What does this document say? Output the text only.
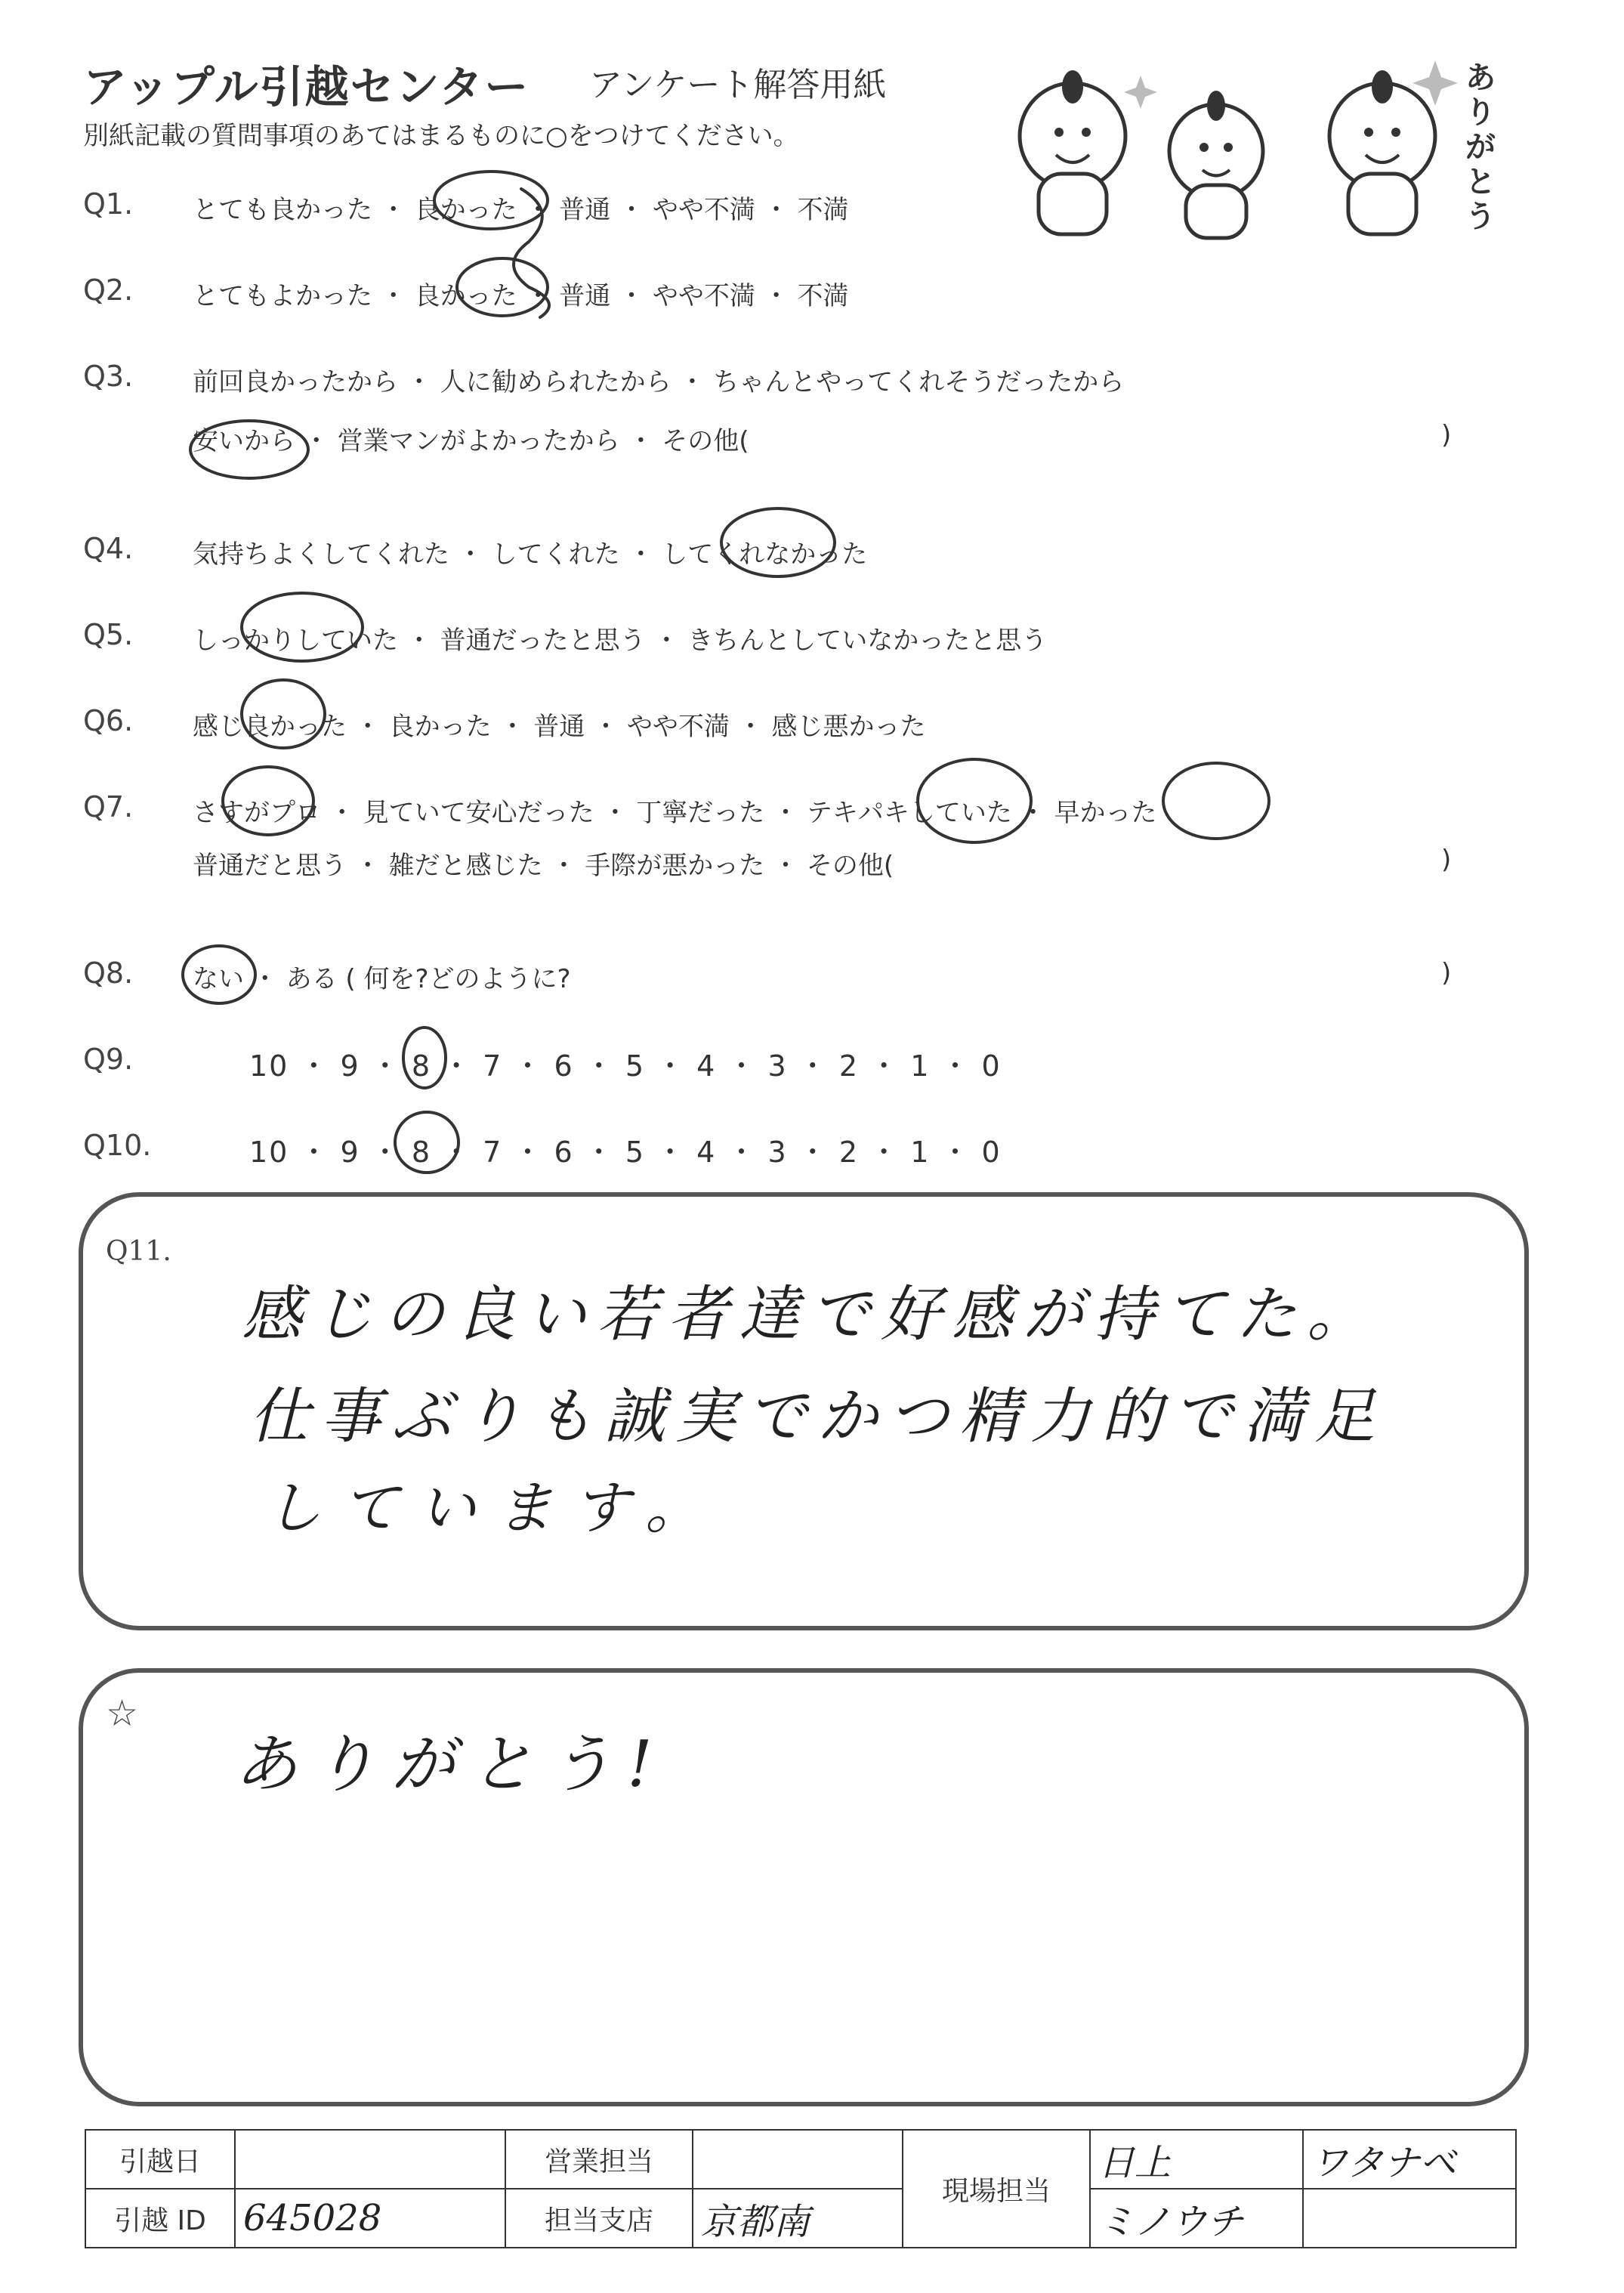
アップル引越センター アンケート解答用紙
別紙記載の質問事項のあてはまるものに○をつけてください。
ありがとう
Q1. とても良かった ・ 良かった ・ 普通 ・ やや不満 ・ 不満
Q2. とてもよかった ・ 良かった ・ 普通 ・ やや不満 ・ 不満
Q3. 前回良かったから ・ 人に勧められたから ・ ちゃんとやってくれそうだったから
安いから ・ 営業マンがよかったから ・ その他(	)
Q4. 気持ちよくしてくれた ・ してくれた ・ してくれなかった
Q5. しっかりしていた ・ 普通だったと思う ・ きちんとしていなかったと思う
Q6. 感じ良かった ・ 良かった ・ 普通 ・ やや不満 ・ 感じ悪かった
Q7. さすがプロ ・ 見ていて安心だった ・ 丁寧だった ・ テキパキしていた ・ 早かった
普通だと思う ・ 雑だと感じた ・ 手際が悪かった ・ その他(	)
Q8. ない ・ ある ( 何を?どのように?	)
Q9.	10 ・ 9 ・ 8 ・ 7 ・ 6 ・ 5 ・ 4 ・ 3 ・ 2 ・ 1 ・ 0
Q10.	10 ・ 9 ・ 8 ・ 7 ・ 6 ・ 5 ・ 4 ・ 3 ・ 2 ・ 1 ・ 0
Q11.
感じの良い若者達で好感が持てた。
仕事ぶりも誠実でかつ精力的で満足
しています。
☆
ありがとう!
引越日		営業担当		現場担当	日上	ワタナベ
引越 ID	645028	担当支店	京都南		ミノウチ	
